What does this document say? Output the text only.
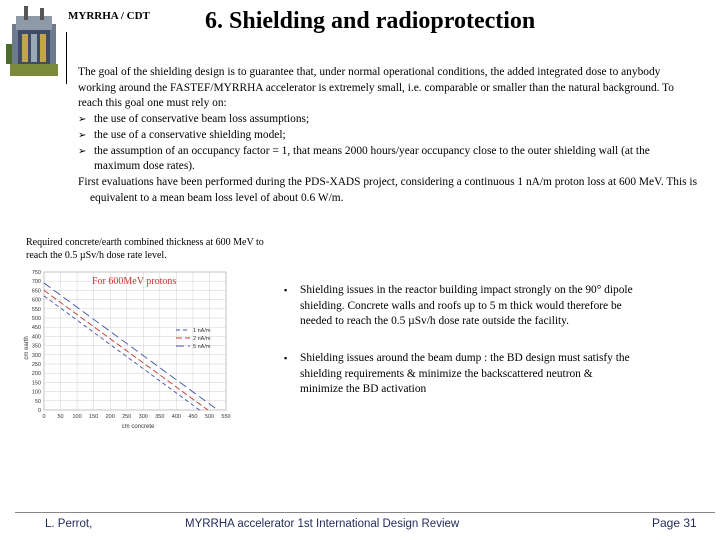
MYRRHA / CDT 6. Shielding and radioprotection

The goal of the shielding design is to guarantee that, under normal operational conditions, the added integrated dose to anybody working around the FASTEF/MYRRHA accelerator is extremely small, i.e. comparable or smaller than the natural background. To reach this goal one must rely on:

➢ the use of conservative beam loss assumptions;

➢ the use of a conservative shielding model;

➢ the assumption of an occupancy factor = 1, that means 2000 hours/year occupancy close to the outer shielding wall (at the maximum dose rates).

First evaluations have been performed during the PDS-XADS project, considering a continuous 1 nA/m proton loss at 600 MeV. This is equivalent to a mean beam loss level of about 0.6 W/m.

Required concrete/earth combined thickness at 600 MeV to reach the 0.5 µSv/h dose rate level.
0
50
100
150
200
250
300
350
400
450
500
550
600
650
700
750
0 50 100 150 200 250 300 350 400 450 500 550
1 nA/m
2 nA/m
5 nA/m
For 600MeV protons
cm concrete
cm earth
▪ Shielding issues in the reactor building impact strongly on the 90° dipole shielding. Concrete walls and roofs up to 5 m thick would therefore be needed to reach the 0.5 µSv/h dose rate outside the facility.
▪ Shielding issues around the beam dump : the BD design must satisfy the shielding requirements & minimize the backscattered neutron & minimize the BD activation
L. Perrot,	MYRRHA accelerator 1st International Design Review	Page 31
